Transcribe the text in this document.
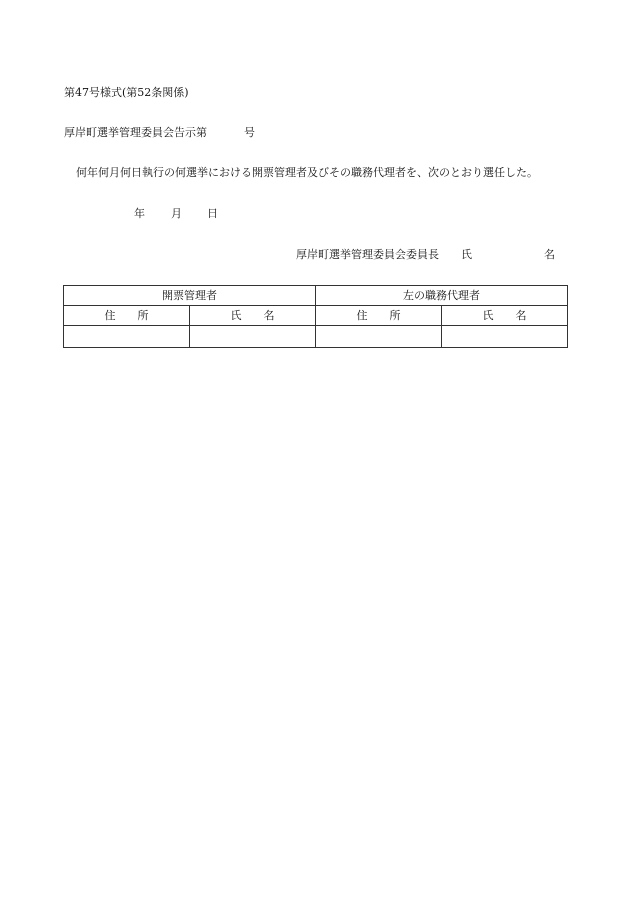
第47号様式(第52条関係)
厚岸町選挙管理委員会告示第	号
何年何月何日執行の何選挙における開票管理者及びその職務代理者を、次のとおり選任した。
年 月 日
厚岸町選挙管理委員会委員長 氏	名
開票管理者		左の職務代理者	
住　　所	氏　　名	住　　所	氏　　名
